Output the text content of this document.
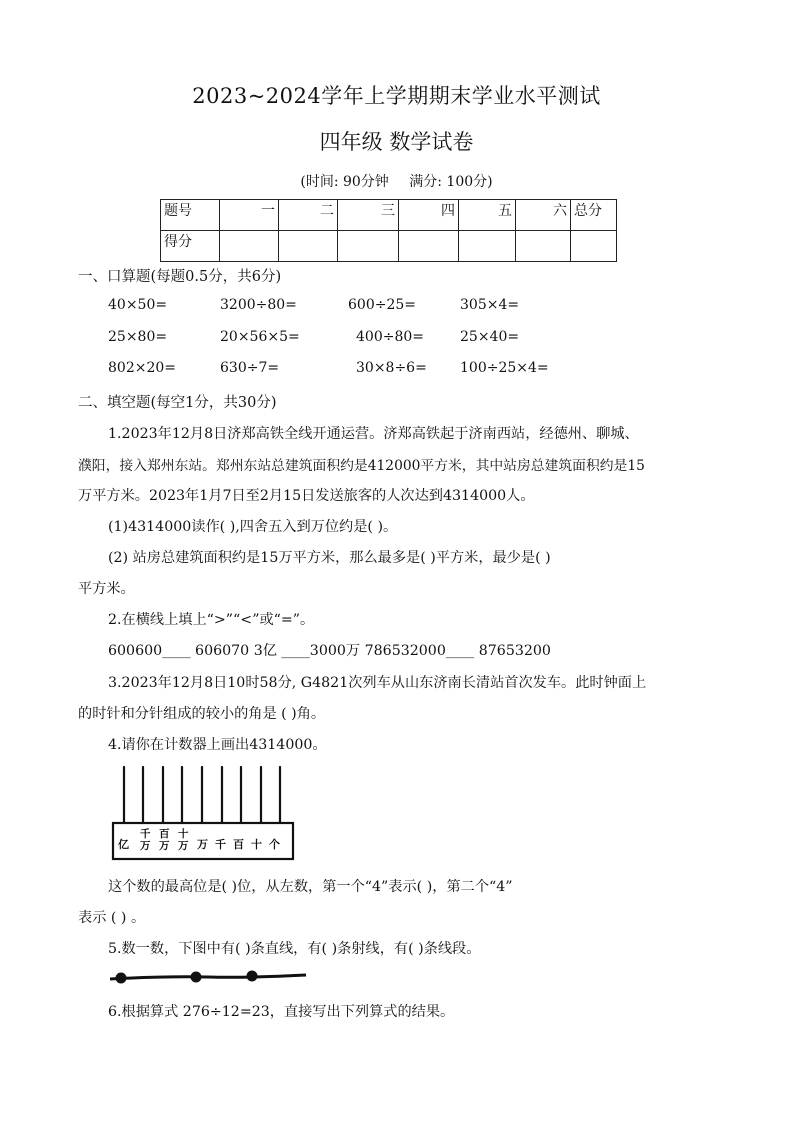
2023~2024学年上学期期末学业水平测试
四年级 数学试卷
(时间: 90分钟 满分: 100分)
题号	一	二	三	四	五	六	总分
得分							
一、口算题(每题0.5分，共6分)
40×50=	3200÷80=	600÷25=	305×4=
25×80=	20×56×5=	400÷80=	25×40=
802×20=	630÷7=	30×8÷6= 100÷25×4=
二、填空题(每空1分，共30分)
1.2023年12月8日济郑高铁全线开通运营。济郑高铁起于济南西站，经德州、聊城、
濮阳，接入郑州东站。郑州东站总建筑面积约是412000平方米，其中站房总建筑面积约是15
万平方米。2023年1月7日至2月15日发送旅客的人次达到4314000人。
(1)4314000读作( ),四舍五入到万位约是( )。
(2) 站房总建筑面积约是15万平方米，那么最多是( )平方米，最少是( )
平方米。
2.在横线上填上“>”“<”或“=”。
600600____ 606070 3亿 ____3000万 786532000____ 87653200
3.2023年12月8日10时58分, G4821次列车从山东济南长清站首次发车。此时钟面上
的时针和分针组成的较小的角是 ( )角。
4.请你在计数器上画出4314000。
亿
千万
百万
十万 万 千 百 十 个
这个数的最高位是( )位，从左数，第一个“4”表示( )，第二个“4”
表示 ( ) 。
5.数一数，下图中有( )条直线，有( )条射线，有( )条线段。
6.根据算式 276÷12=23，直接写出下列算式的结果。
